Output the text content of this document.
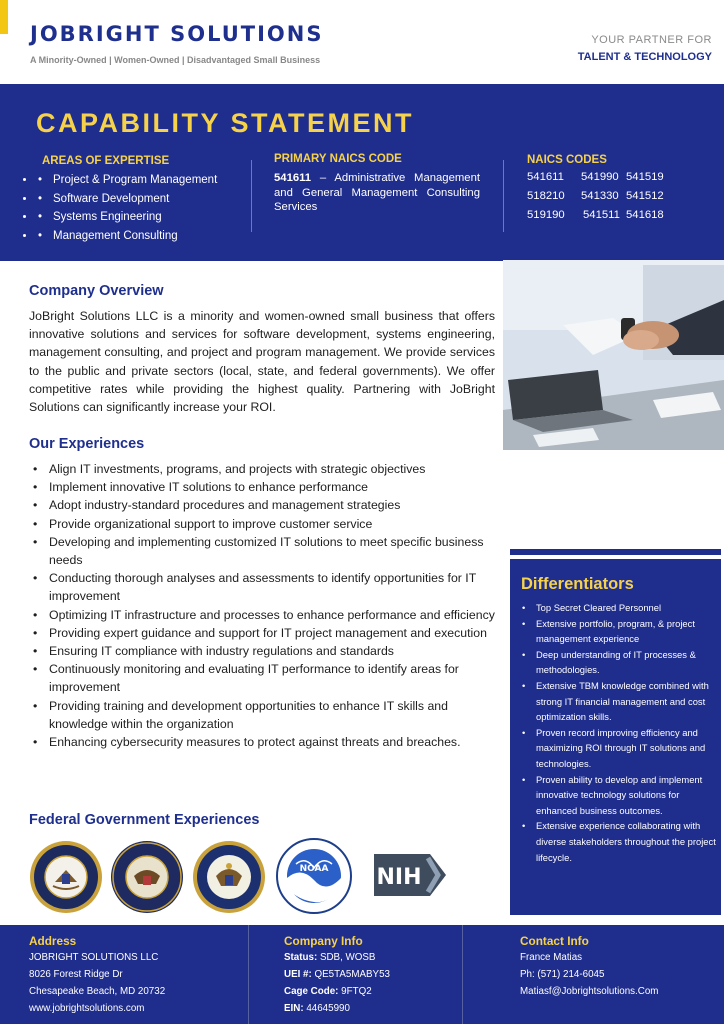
JOBRIGHT SOLUTIONS
A Minority-Owned | Women-Owned | Disadvantaged Small Business
YOUR PARTNER FOR
TALENT & TECHNOLOGY
CAPABILITY STATEMENT
AREAS OF EXPERTISE
• • Project & Program Management
• • Software Development
• • Systems Engineering
• • Management Consulting
PRIMARY NAICS CODE
541611 – Administrative Management and General Management Consulting Services
NAICS CODES
541611 541990 541519
518210 541330 541512
519190 541511 541618
Company Overview
JoBright Solutions LLC is a minority and women-owned small business that offers innovative solutions and services for software development, systems engineering, management consulting, and project and program management. We provide services to the public and private sectors (local, state, and federal governments). We offer competitive rates while providing the highest quality. Partnering with JoBright Solutions can significantly increase your ROI.
Our Experiences
• Align IT investments, programs, and projects with strategic objectives
• Implement innovative IT solutions to enhance performance
• Adopt industry-standard procedures and management strategies
• Provide organizational support to improve customer service
• Developing and implementing customized IT solutions to meet specific business needs
• Conducting thorough analyses and assessments to identify opportunities for IT improvement
• Optimizing IT infrastructure and processes to enhance performance and efficiency
• Providing expert guidance and support for IT project management and execution
• Ensuring IT compliance with industry regulations and standards
• Continuously monitoring and evaluating IT performance to identify areas for improvement
• Providing training and development opportunities to enhance IT skills and knowledge within the organization
• Enhancing cybersecurity measures to protect against threats and breaches.
Differentiators
• Top Secret Cleared Personnel
• Extensive portfolio, program, & project management experience
• Deep understanding of IT processes & methodologies.
• Extensive TBM knowledge combined with strong IT financial management and cost optimization skills.
• Proven record improving efficiency and maximizing ROI through IT solutions and technologies.
• Proven ability to develop and implement innovative technology solutions for enhanced business outcomes.
• Extensive experience collaborating with diverse stakeholders throughout the project lifecycle.
Federal Government Experiences
NOAA NIH
Address
JOBRIGHT SOLUTIONS LLC
8026 Forest Ridge Dr
Chesapeake Beach, MD 20732
www.jobrightsolutions.com
Company Info
Status: SDB, WOSB
UEI #: QE5TA5MABY53
Cage Code: 9FTQ2
EIN: 44645990
Contact Info
France Matias
Ph: (571) 214-6045
Matiasf@Jobrightsolutions.Com
